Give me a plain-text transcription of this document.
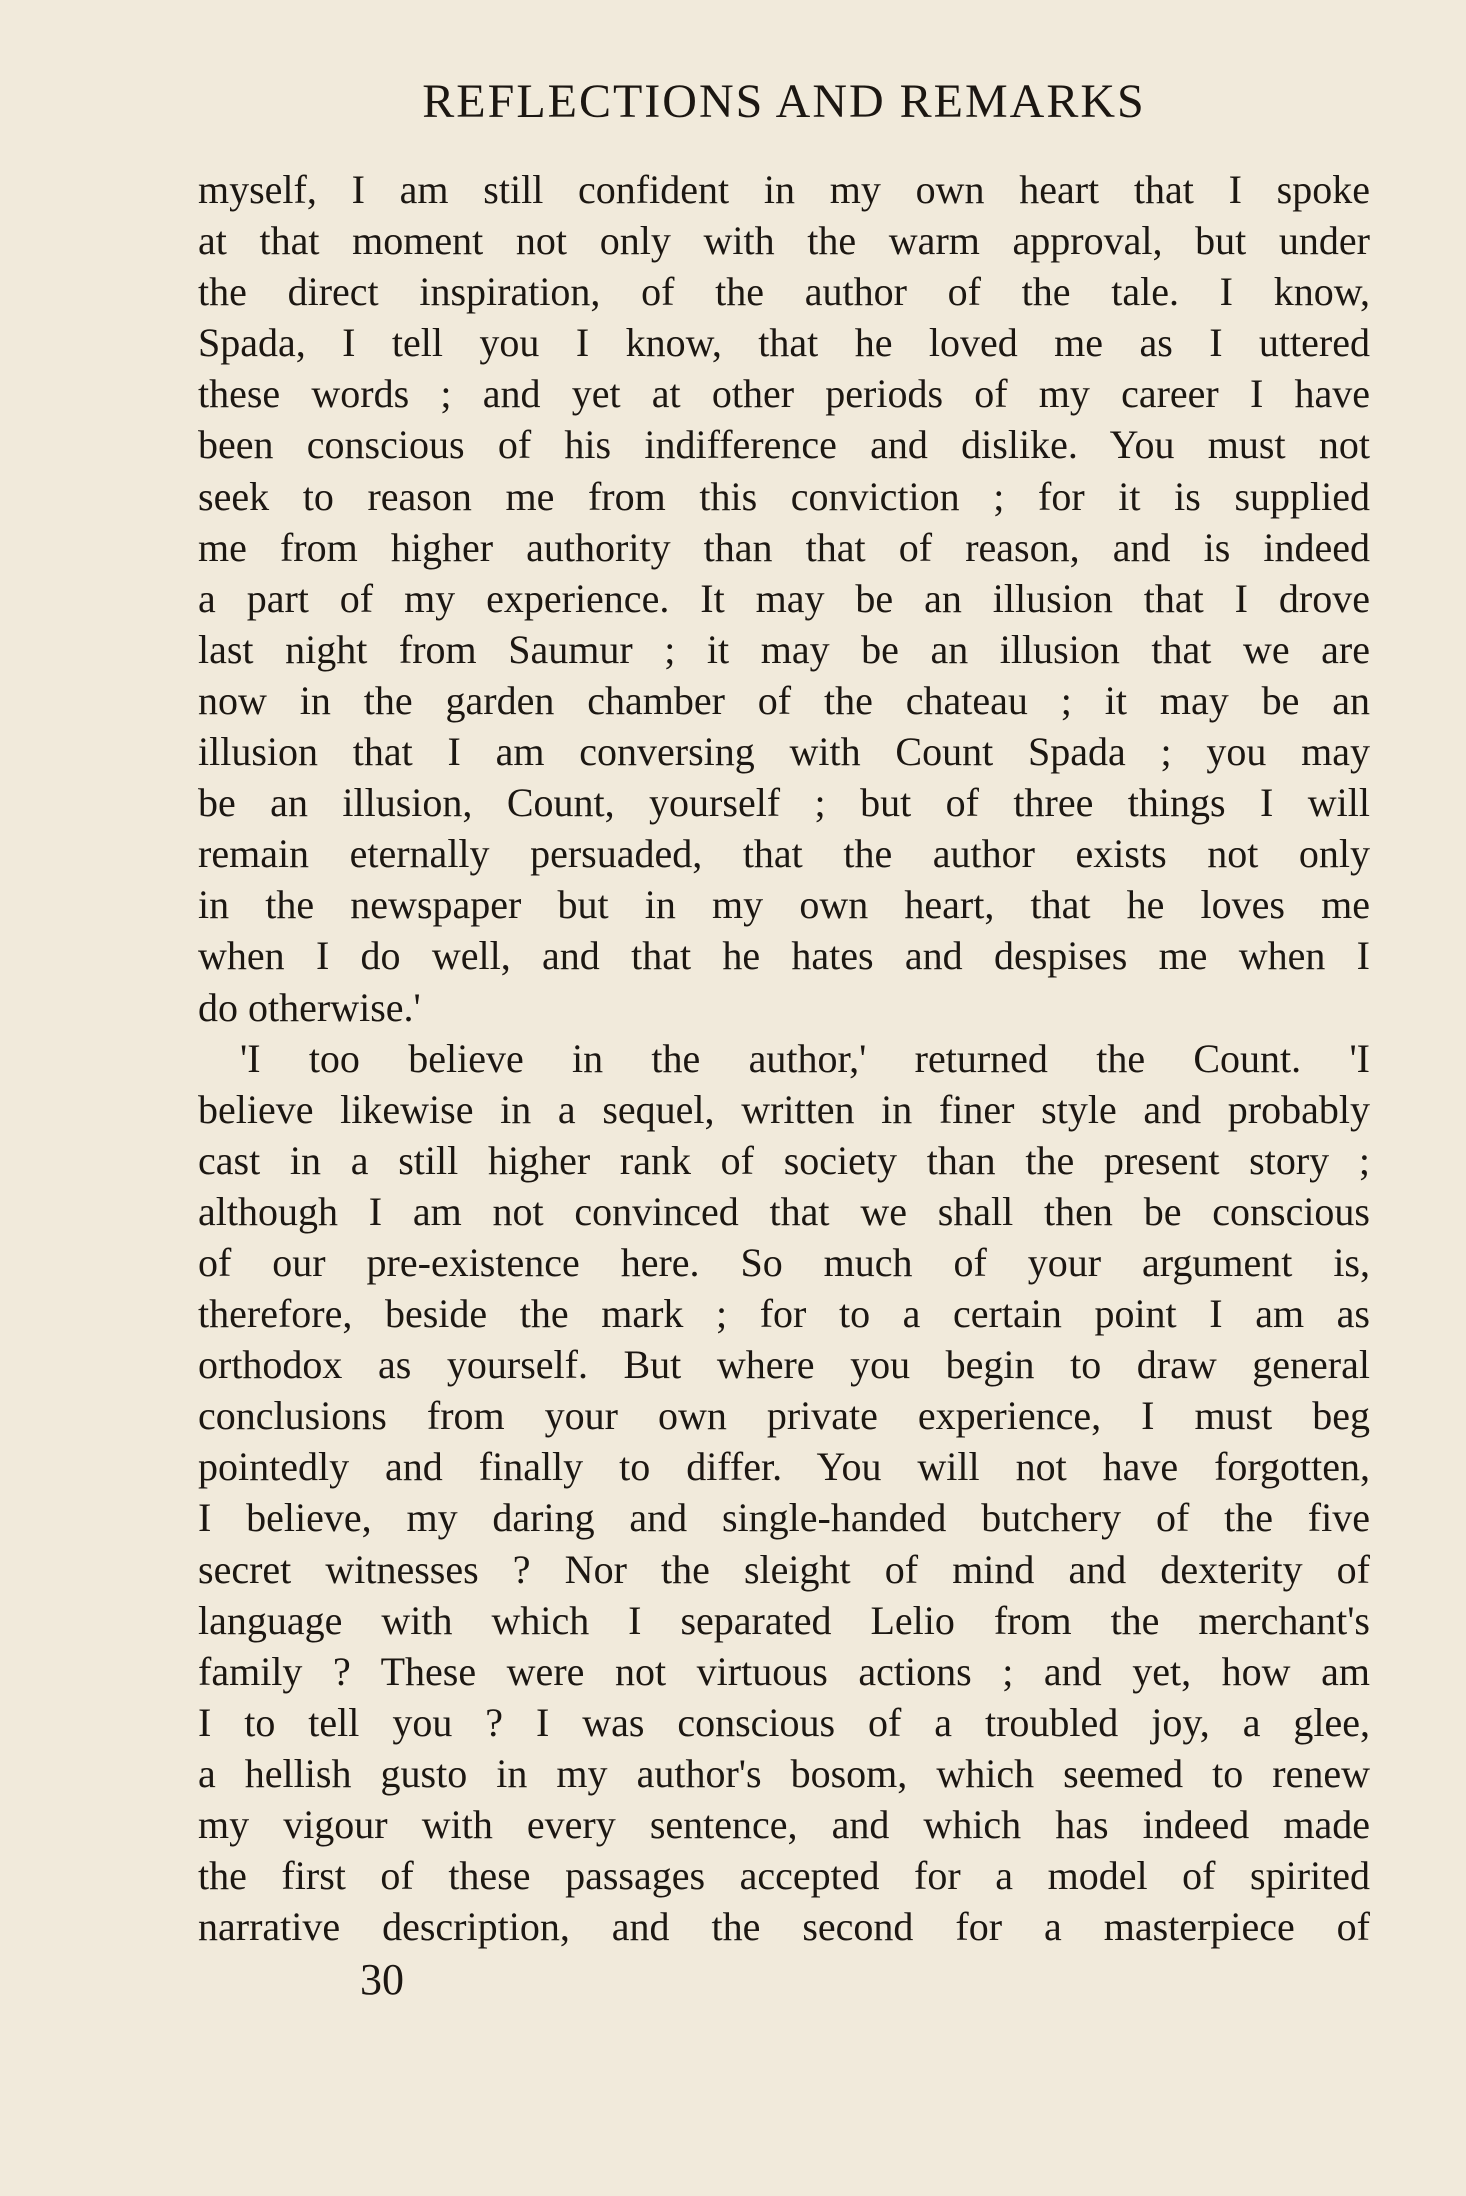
REFLECTIONS AND REMARKS
myself, I am still confident in my own heart that I spoke
at that moment not only with the warm approval, but under
the direct inspiration, of the author of the tale. I know,
Spada, I tell you I know, that he loved me as I uttered
these words ; and yet at other periods of my career I have
been conscious of his indifference and dislike. You must not
seek to reason me from this conviction ; for it is supplied
me from higher authority than that of reason, and is indeed
a part of my experience. It may be an illusion that I drove
last night from Saumur ; it may be an illusion that we are
now in the garden chamber of the chateau ; it may be an
illusion that I am conversing with Count Spada ; you may
be an illusion, Count, yourself ; but of three things I will
remain eternally persuaded, that the author exists not only
in the newspaper but in my own heart, that he loves me
when I do well, and that he hates and despises me when I
do otherwise.'
'I too believe in the author,' returned the Count. 'I
believe likewise in a sequel, written in finer style and probably
cast in a still higher rank of society than the present story ;
although I am not convinced that we shall then be conscious
of our pre-existence here. So much of your argument is,
therefore, beside the mark ; for to a certain point I am as
orthodox as yourself. But where you begin to draw general
conclusions from your own private experience, I must beg
pointedly and finally to differ. You will not have forgotten,
I believe, my daring and single-handed butchery of the five
secret witnesses ? Nor the sleight of mind and dexterity of
language with which I separated Lelio from the merchant's
family ? These were not virtuous actions ; and yet, how am
I to tell you ? I was conscious of a troubled joy, a glee,
a hellish gusto in my author's bosom, which seemed to renew
my vigour with every sentence, and which has indeed made
the first of these passages accepted for a model of spirited
narrative description, and the second for a masterpiece of
30
